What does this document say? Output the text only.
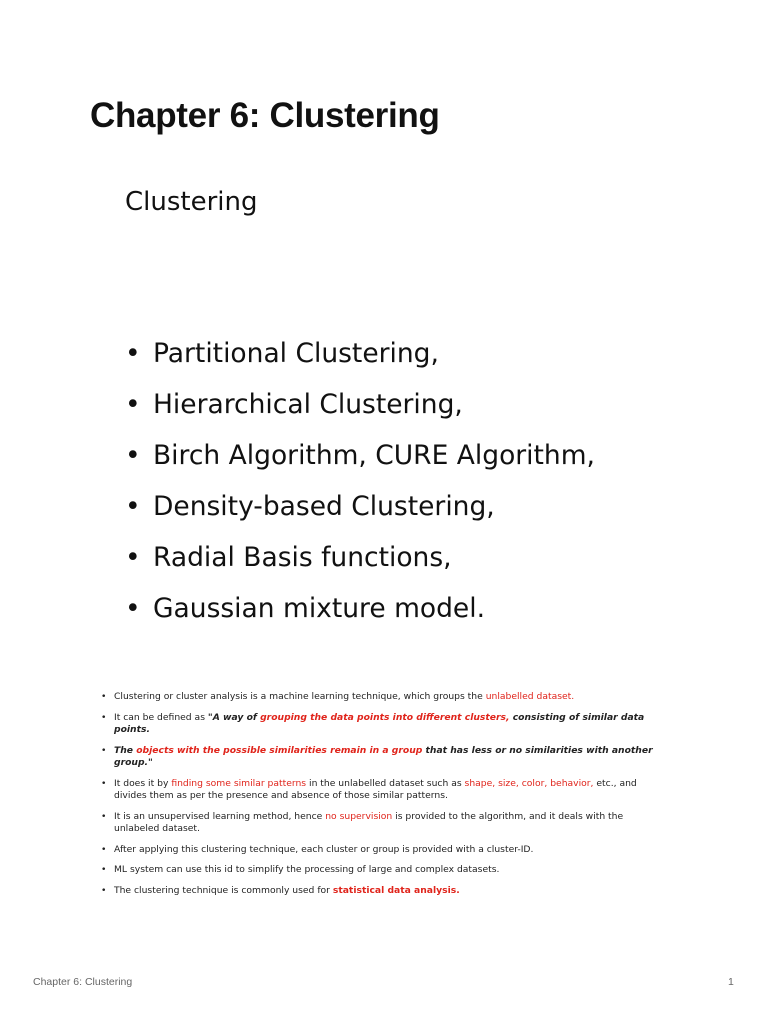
Chapter 6: Clustering
Clustering
• Partitional Clustering,
• Hierarchical Clustering,
• Birch Algorithm, CURE Algorithm,
• Density-based Clustering,
• Radial Basis functions,
• Gaussian mixture model.
• Clustering or cluster analysis is a machine learning technique, which groups the unlabelled dataset.
• It can be defined as "A way of grouping the data points into different clusters, consisting of similar data points.
• The objects with the possible similarities remain in a group that has less or no similarities with another group."
• It does it by finding some similar patterns in the unlabelled dataset such as shape, size, color, behavior, etc., and divides them as per the presence and absence of those similar patterns.
• It is an unsupervised learning method, hence no supervision is provided to the algorithm, and it deals with the unlabeled dataset.
• After applying this clustering technique, each cluster or group is provided with a cluster-ID.
• ML system can use this id to simplify the processing of large and complex datasets.
• The clustering technique is commonly used for statistical data analysis.
Chapter 6: Clustering	1
